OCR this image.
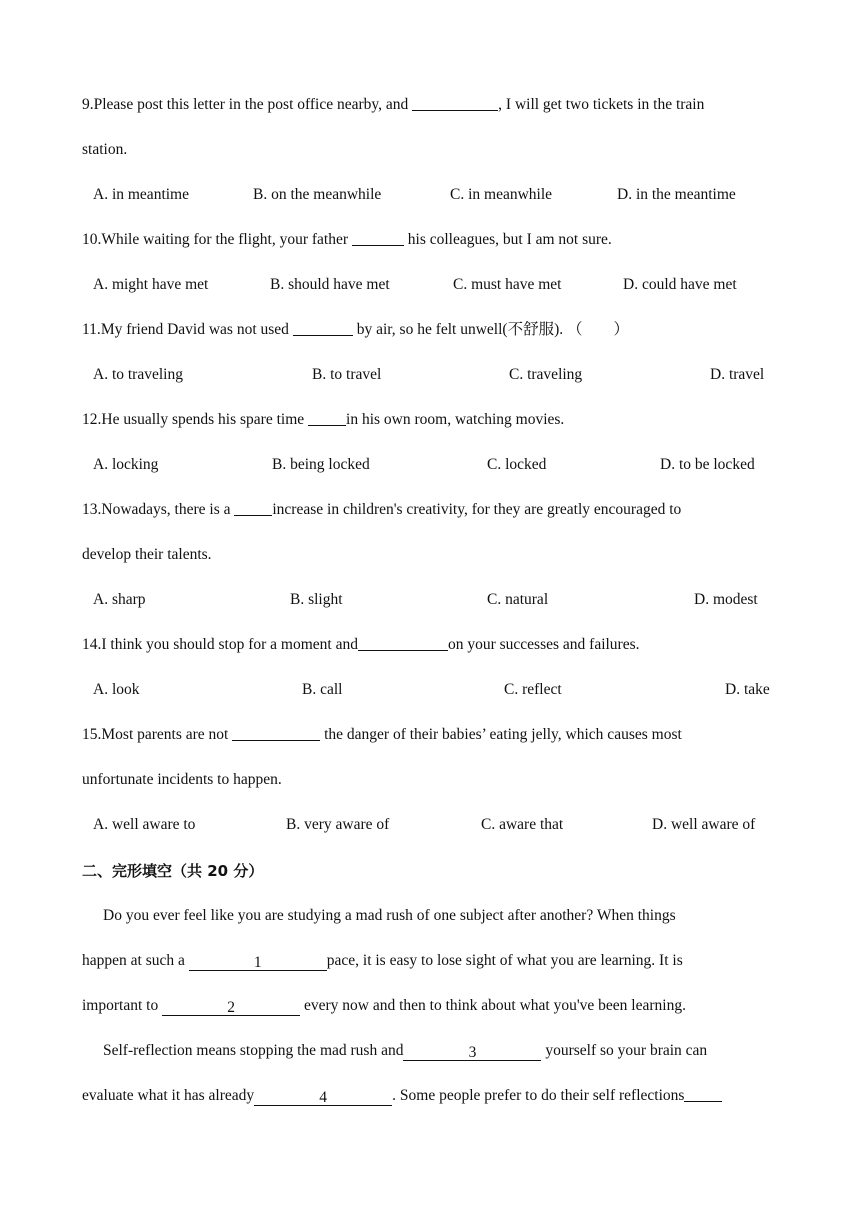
9.Please post this letter in the post office nearby, and	, I will get two tickets in the train
station.
A. in meantime	B. on the meanwhile	C. in meanwhile	D. in the meantime
10.While waiting for the flight, your father	his colleagues, but I am not sure.
A. might have met	B. should have met	C. must have met	D. could have met
11.My friend David was not used	by air, so he felt unwell(不舒服). （　　）
A. to traveling	B. to travel	C. traveling	D. travel
12.He usually spends his spare time in his own room, watching movies.
A. locking	B. being locked	C. locked	D. to be locked
13.Nowadays, there is a increase in children's creativity, for they are greatly encouraged to
develop their talents.
A. sharp	B. slight	C. natural	D. modest
14.I think you should stop for a moment and	on your successes and failures.
A. look	B. call	C. reflect	D. take
15.Most parents are not	the danger of their babies’ eating jelly, which causes most
unfortunate incidents to happen.
A. well aware to	B. very aware of	C. aware that	D. well aware of
二、完形填空（共 20 分）
Do you ever feel like you are studying a mad rush of one subject after another? When things
happen at such a	1	pace, it is easy to lose sight of what you are learning. It is
important to	2	every now and then to think about what you've been learning.
Self-reflection means stopping the mad rush and	3	yourself so your brain can
evaluate what it has already	4	. Some people prefer to do their self reflections
